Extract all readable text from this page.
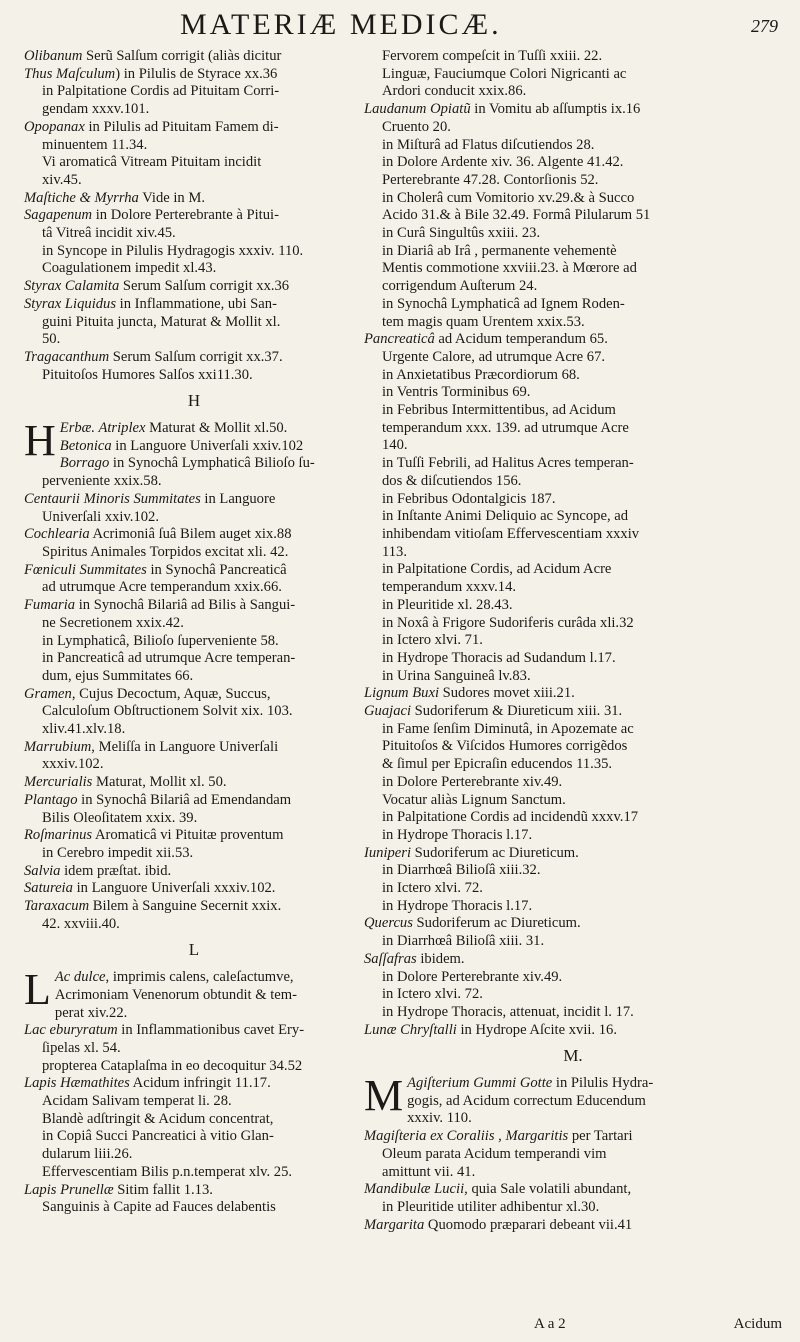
MATERIÆ MEDICÆ.	279
Olibanum Serũ Salſum corrigit (aliàs dicitur
Thus Maſculum) in Pilulis de Styrace xx.36
in Palpitatione Cordis ad Pituitam Corri-
gendam xxxv.101.
Opopanax in Pilulis ad Pituitam Famem di-
minuentem 11.34.
Vi aromaticâ Vitream Pituitam incidit
xiv.45.
Maſtiche & Myrrha Vide in M.
Sagapenum in Dolore Perterebrante à Pitui-
tâ Vitreâ incidit xiv.45.
in Syncope in Pilulis Hydragogis xxxiv. 110.
Coagulationem impedit xl.43.
Styrax Calamita Serum Salſum corrigit xx.36
Styrax Liquidus in Inflammatione, ubi San-
guini Pituita juncta, Maturat & Mollit xl.
50.
Tragacanthum Serum Salſum corrigit xx.37.
Pituitoſos Humores Salſos xxi11.30.
H
H Erbæ. Atriplex Maturat & Mollit xl.50.
Betonica in Languore Univerſali xxiv.102
Borrago in Synochâ Lymphaticâ Bilioſo ſu-
perveniente xxix.58.
Centaurii Minoris Summitates in Languore
Univerſali xxiv.102.
Cochlearia Acrimoniâ ſuâ Bilem auget xix.88
Spiritus Animales Torpidos excitat xli. 42.
Fœniculi Summitates in Synochâ Pancreaticâ
ad utrumque Acre temperandum xxix.66.
Fumaria in Synochâ Bilariâ ad Bilis à Sangui-
ne Secretionem xxix.42.
in Lymphaticâ, Bilioſo ſuperveniente 58.
in Pancreaticâ ad utrumque Acre temperan-
dum, ejus Summitates 66.
Gramen, Cujus Decoctum, Aquæ, Succus,
Calculoſum Obſtructionem Solvit xix. 103.
xliv.41.xlv.18.
Marrubium, Meliſſa in Languore Univerſali
xxxiv.102.
Mercurialis Maturat, Mollit xl. 50.
Plantago in Synochâ Bilariâ ad Emendandam
Bilis Oleoſitatem xxix. 39.
Roſmarinus Aromaticâ vi Pituitæ proventum
in Cerebro impedit xii.53.
Salvia idem præſtat. ibid.
Satureia in Languore Univerſali xxxiv.102.
Taraxacum Bilem à Sanguine Secernit xxix.
42. xxviii.40.
L
L Ac dulce, imprimis calens, caleſactumve,
Acrimoniam Venenorum obtundit & tem-
perat xiv.22.
Lac eburyratum in Inflammationibus cavet Ery-
ſipelas xl. 54.
propterea Cataplaſma in eo decoquitur 34.52
Lapis Hæmathites Acidum infringit 11.17.
Acidam Salivam temperat li. 28.
Blandè adſtringit & Acidum concentrat,
in Copiâ Succi Pancreatici à vitio Glan-
dularum liii.26.
Effervescentiam Bilis p.n.temperat xlv. 25.
Lapis Prunellæ Sitim fallit 1.13.
Sanguinis à Capite ad Fauces delabentis
Fervorem compeſcit in Tuſſi xxiii. 22.
Linguæ, Fauciumque Colori Nigricanti ac
Ardori conducit xxix.86.
Laudanum Opiatũ in Vomitu ab aſſumptis ix.16
Cruento 20.
in Miſturâ ad Flatus diſcutiendos 28.
in Dolore Ardente xiv. 36. Algente 41.42.
Perterebrante 47.28. Contorſionis 52.
in Cholerâ cum Vomitorio xv.29.& à Succo
Acido 31.& à Bile 32.49. Formâ Pilularum 51
in Curâ Singultûs xxiii. 23.
in Diariâ ab Irâ , permanente vehementè
Mentis commotione xxviii.23. à Mœrore ad
corrigendum Auſterum 24.
in Synochâ Lymphaticâ ad Ignem Roden-
tem magis quam Urentem xxix.53.
Pancreaticâ ad Acidum temperandum 65.
Urgente Calore, ad utrumque Acre 67.
in Anxietatibus Præcordiorum 68.
in Ventris Torminibus 69.
in Febribus Intermittentibus, ad Acidum
temperandum xxx. 139. ad utrumque Acre
140.
in Tuſſi Febrili, ad Halitus Acres temperan-
dos & diſcutiendos 156.
in Febribus Odontalgicis 187.
in Inſtante Animi Deliquio ac Syncope, ad
inhibendam vitioſam Effervescentiam xxxiv
113.
in Palpitatione Cordis, ad Acidum Acre
temperandum xxxv.14.
in Pleuritide xl. 28.43.
in Noxâ à Frigore Sudoriferis curâda xli.32
in Ictero xlvi. 71.
in Hydrope Thoracis ad Sudandum l.17.
in Urina Sanguineâ lv.83.
Lignum Buxi Sudores movet xiii.21.
Guajaci Sudoriferum & Diureticum xiii. 31.
in Fame ſenſim Diminutâ, in Apozemate ac
Pituitoſos & Viſcidos Humores corrigẽdos
& ſimul per Epicraſin educendos 11.35.
in Dolore Perterebrante xiv.49.
Vocatur aliàs Lignum Sanctum.
in Palpitatione Cordis ad incidendũ xxxv.17
in Hydrope Thoracis l.17.
Iuniperi Sudoriferum ac Diureticum.
in Diarrhœâ Bilioſâ xiii.32.
in Ictero xlvi. 72.
in Hydrope Thoracis l.17.
Quercus Sudoriferum ac Diureticum.
in Diarrhœâ Bilioſâ xiii. 31.
Saſſafras ibidem.
in Dolore Perterebrante xiv.49.
in Ictero xlvi. 72.
in Hydrope Thoracis, attenuat, incidit l. 17.
Lunæ Chryſtalli in Hydrope Aſcite xvii. 16.
M.
M Agiſterium Gummi Gotte in Pilulis Hydra-
gogis, ad Acidum correctum Educendum
xxxiv. 110.
Magiſteria ex Coraliis , Margaritis per Tartari
Oleum parata Acidum temperandi vim
amittunt vii. 41.
Mandibulæ Lucii, quia Sale volatili abundant,
in Pleuritide utiliter adhibentur xl.30.
Margarita Quomodo præparari debeant vii.41
A a 2	Acidum
